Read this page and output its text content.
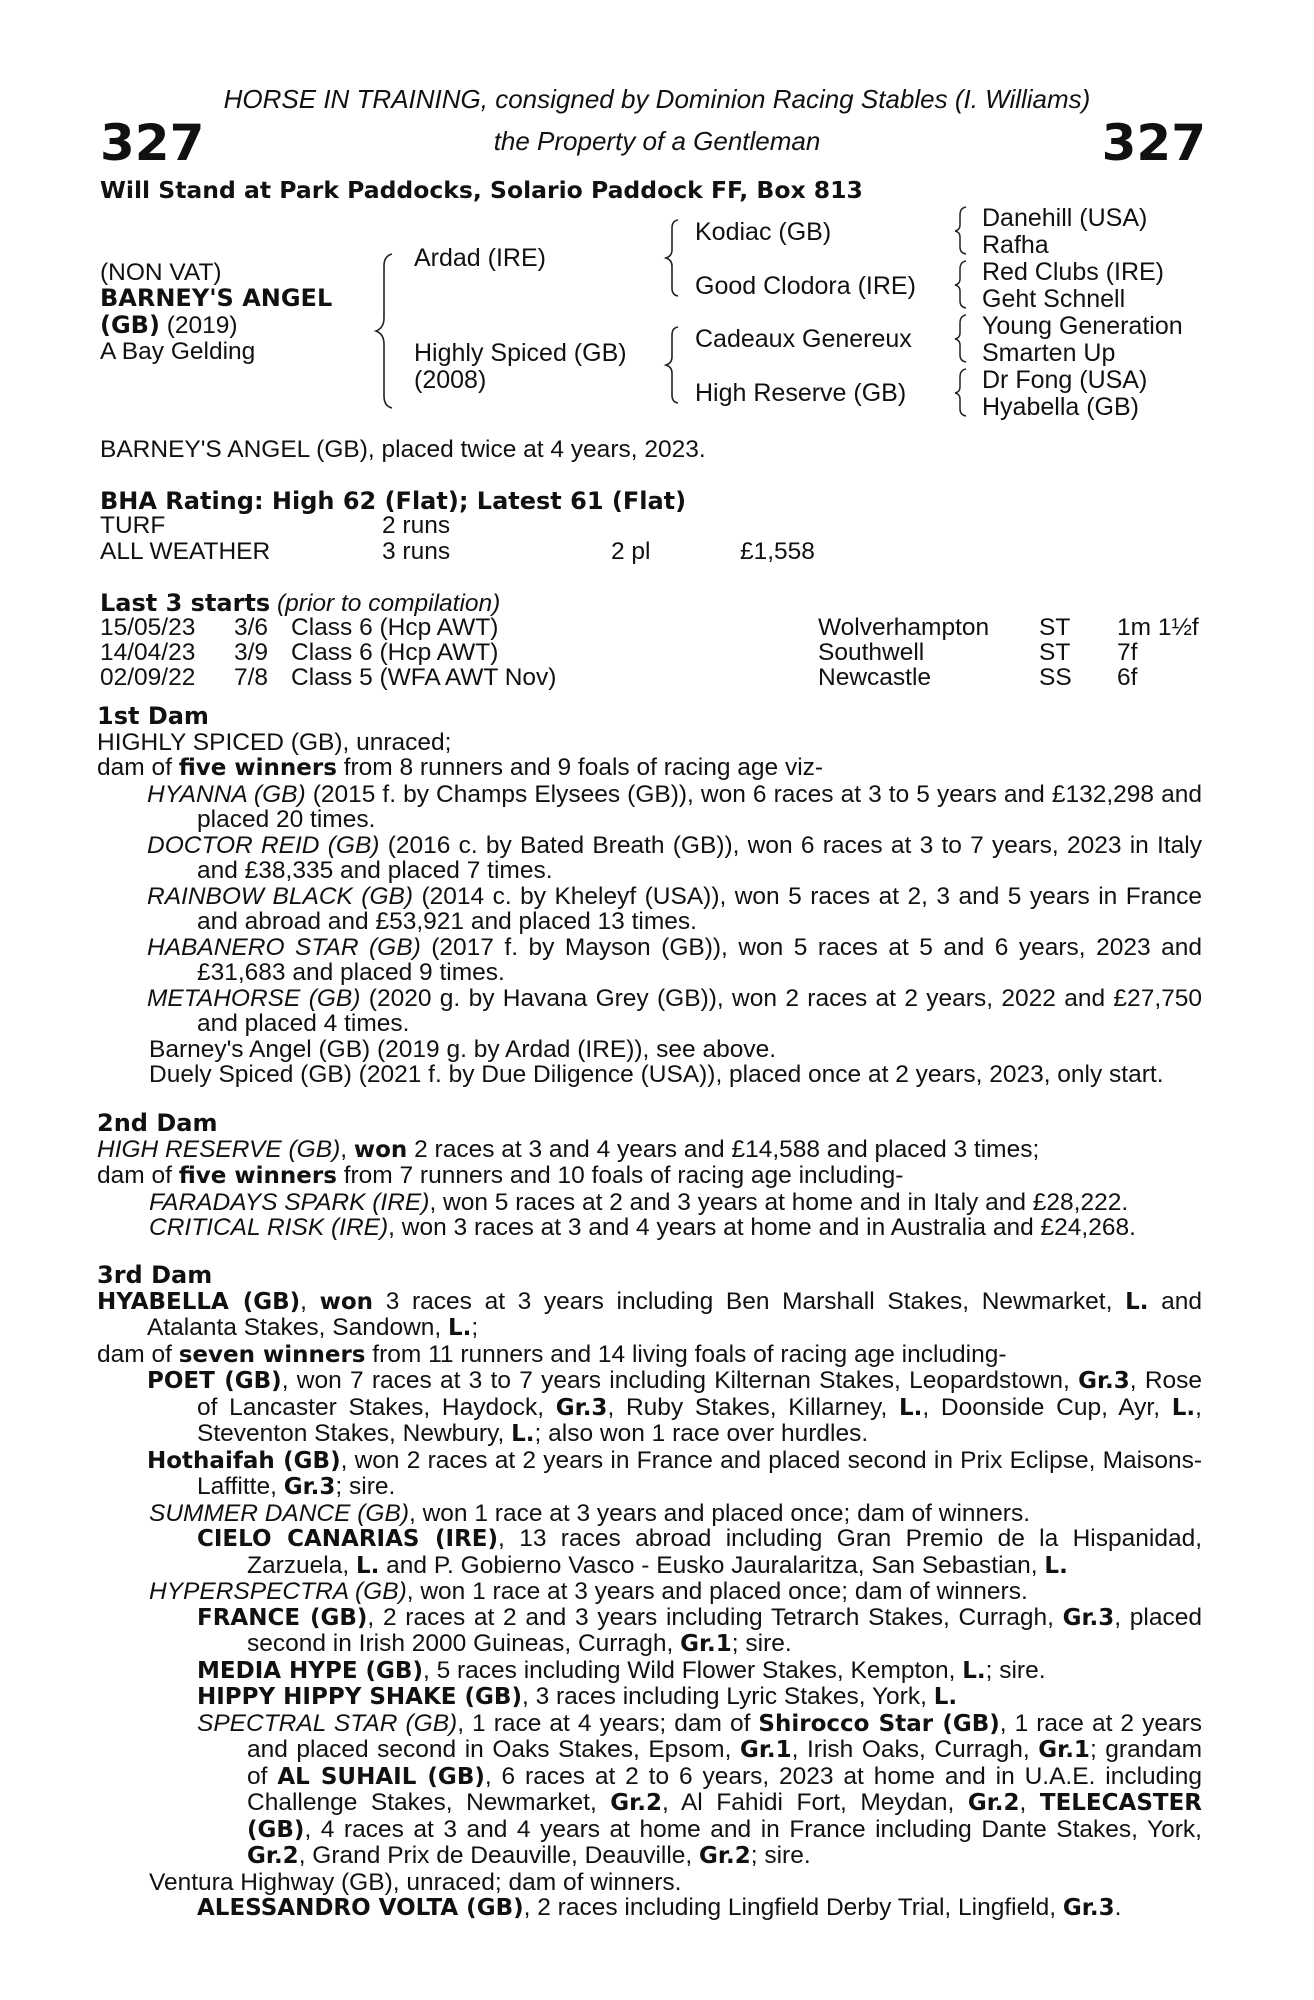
327	327
HORSE IN TRAINING, consigned by Dominion Racing Stables (I. Williams)
the Property of a Gentleman
Will Stand at Park Paddocks, Solario Paddock FF, Box 813
(NON VAT)
BARNEY'S ANGEL
(GB) (2019)
A Bay Gelding
Ardad (IRE)
Highly Spiced (GB)
(2008)
Kodiac (GB)
Good Clodora (IRE)
Cadeaux Genereux
High Reserve (GB)
Danehill (USA)
Rafha
Red Clubs (IRE)
Geht Schnell
Young Generation
Smarten Up
Dr Fong (USA)
Hyabella (GB)
BARNEY'S ANGEL (GB), placed twice at 4 years, 2023.
BHA Rating: High 62 (Flat); Latest 61 (Flat)
TURF	2 runs
ALL WEATHER	3 runs	2 pl	£1,558
Last 3 starts (prior to compilation)
15/05/23 3/6 Class 6 (Hcp AWT)	Wolverhampton ST 1m 1½f
14/04/23 3/9 Class 6 (Hcp AWT)	Southwell	ST 7f
02/09/22 7/8 Class 5 (WFA AWT Nov)	Newcastle	SS 6f
1st Dam
HIGHLY SPICED (GB), unraced;
dam of five winners from 8 runners and 9 foals of racing age viz-
HYANNA (GB) (2015 f. by Champs Elysees (GB)), won 6 races at 3 to 5 years and £132,298 and placed 20 times.
DOCTOR REID (GB) (2016 c. by Bated Breath (GB)), won 6 races at 3 to 7 years, 2023 in Italy and £38,335 and placed 7 times.
RAINBOW BLACK (GB) (2014 c. by Kheleyf (USA)), won 5 races at 2, 3 and 5 years in France and abroad and £53,921 and placed 13 times.
HABANERO STAR (GB) (2017 f. by Mayson (GB)), won 5 races at 5 and 6 years, 2023 and £31,683 and placed 9 times.
METAHORSE (GB) (2020 g. by Havana Grey (GB)), won 2 races at 2 years, 2022 and £27,750 and placed 4 times.
Barney's Angel (GB) (2019 g. by Ardad (IRE)), see above.
Duely Spiced (GB) (2021 f. by Due Diligence (USA)), placed once at 2 years, 2023, only start.
2nd Dam
HIGH RESERVE (GB), won 2 races at 3 and 4 years and £14,588 and placed 3 times;
dam of five winners from 7 runners and 10 foals of racing age including-
FARADAYS SPARK (IRE), won 5 races at 2 and 3 years at home and in Italy and £28,222.
CRITICAL RISK (IRE), won 3 races at 3 and 4 years at home and in Australia and £24,268.
3rd Dam
HYABELLA (GB), won 3 races at 3 years including Ben Marshall Stakes, Newmarket, L. and Atalanta Stakes, Sandown, L.;
dam of seven winners from 11 runners and 14 living foals of racing age including-
POET (GB), won 7 races at 3 to 7 years including Kilternan Stakes, Leopardstown, Gr.3, Rose of Lancaster Stakes, Haydock, Gr.3, Ruby Stakes, Killarney, L., Doonside Cup, Ayr, L., Steventon Stakes, Newbury, L.; also won 1 race over hurdles.
Hothaifah (GB), won 2 races at 2 years in France and placed second in Prix Eclipse, Maisons-Laffitte, Gr.3; sire.
SUMMER DANCE (GB), won 1 race at 3 years and placed once; dam of winners.
CIELO CANARIAS (IRE), 13 races abroad including Gran Premio de la Hispanidad, Zarzuela, L. and P. Gobierno Vasco - Eusko Jauralaritza, San Sebastian, L.
HYPERSPECTRA (GB), won 1 race at 3 years and placed once; dam of winners.
FRANCE (GB), 2 races at 2 and 3 years including Tetrarch Stakes, Curragh, Gr.3, placed second in Irish 2000 Guineas, Curragh, Gr.1; sire.
MEDIA HYPE (GB), 5 races including Wild Flower Stakes, Kempton, L.; sire.
HIPPY HIPPY SHAKE (GB), 3 races including Lyric Stakes, York, L.
SPECTRAL STAR (GB), 1 race at 4 years; dam of Shirocco Star (GB), 1 race at 2 years and placed second in Oaks Stakes, Epsom, Gr.1, Irish Oaks, Curragh, Gr.1; grandam of AL SUHAIL (GB), 6 races at 2 to 6 years, 2023 at home and in U.A.E. including Challenge Stakes, Newmarket, Gr.2, Al Fahidi Fort, Meydan, Gr.2, TELECASTER (GB), 4 races at 3 and 4 years at home and in France including Dante Stakes, York, Gr.2, Grand Prix de Deauville, Deauville, Gr.2; sire.
Ventura Highway (GB), unraced; dam of winners.
ALESSANDRO VOLTA (GB), 2 races including Lingfield Derby Trial, Lingfield, Gr.3.
